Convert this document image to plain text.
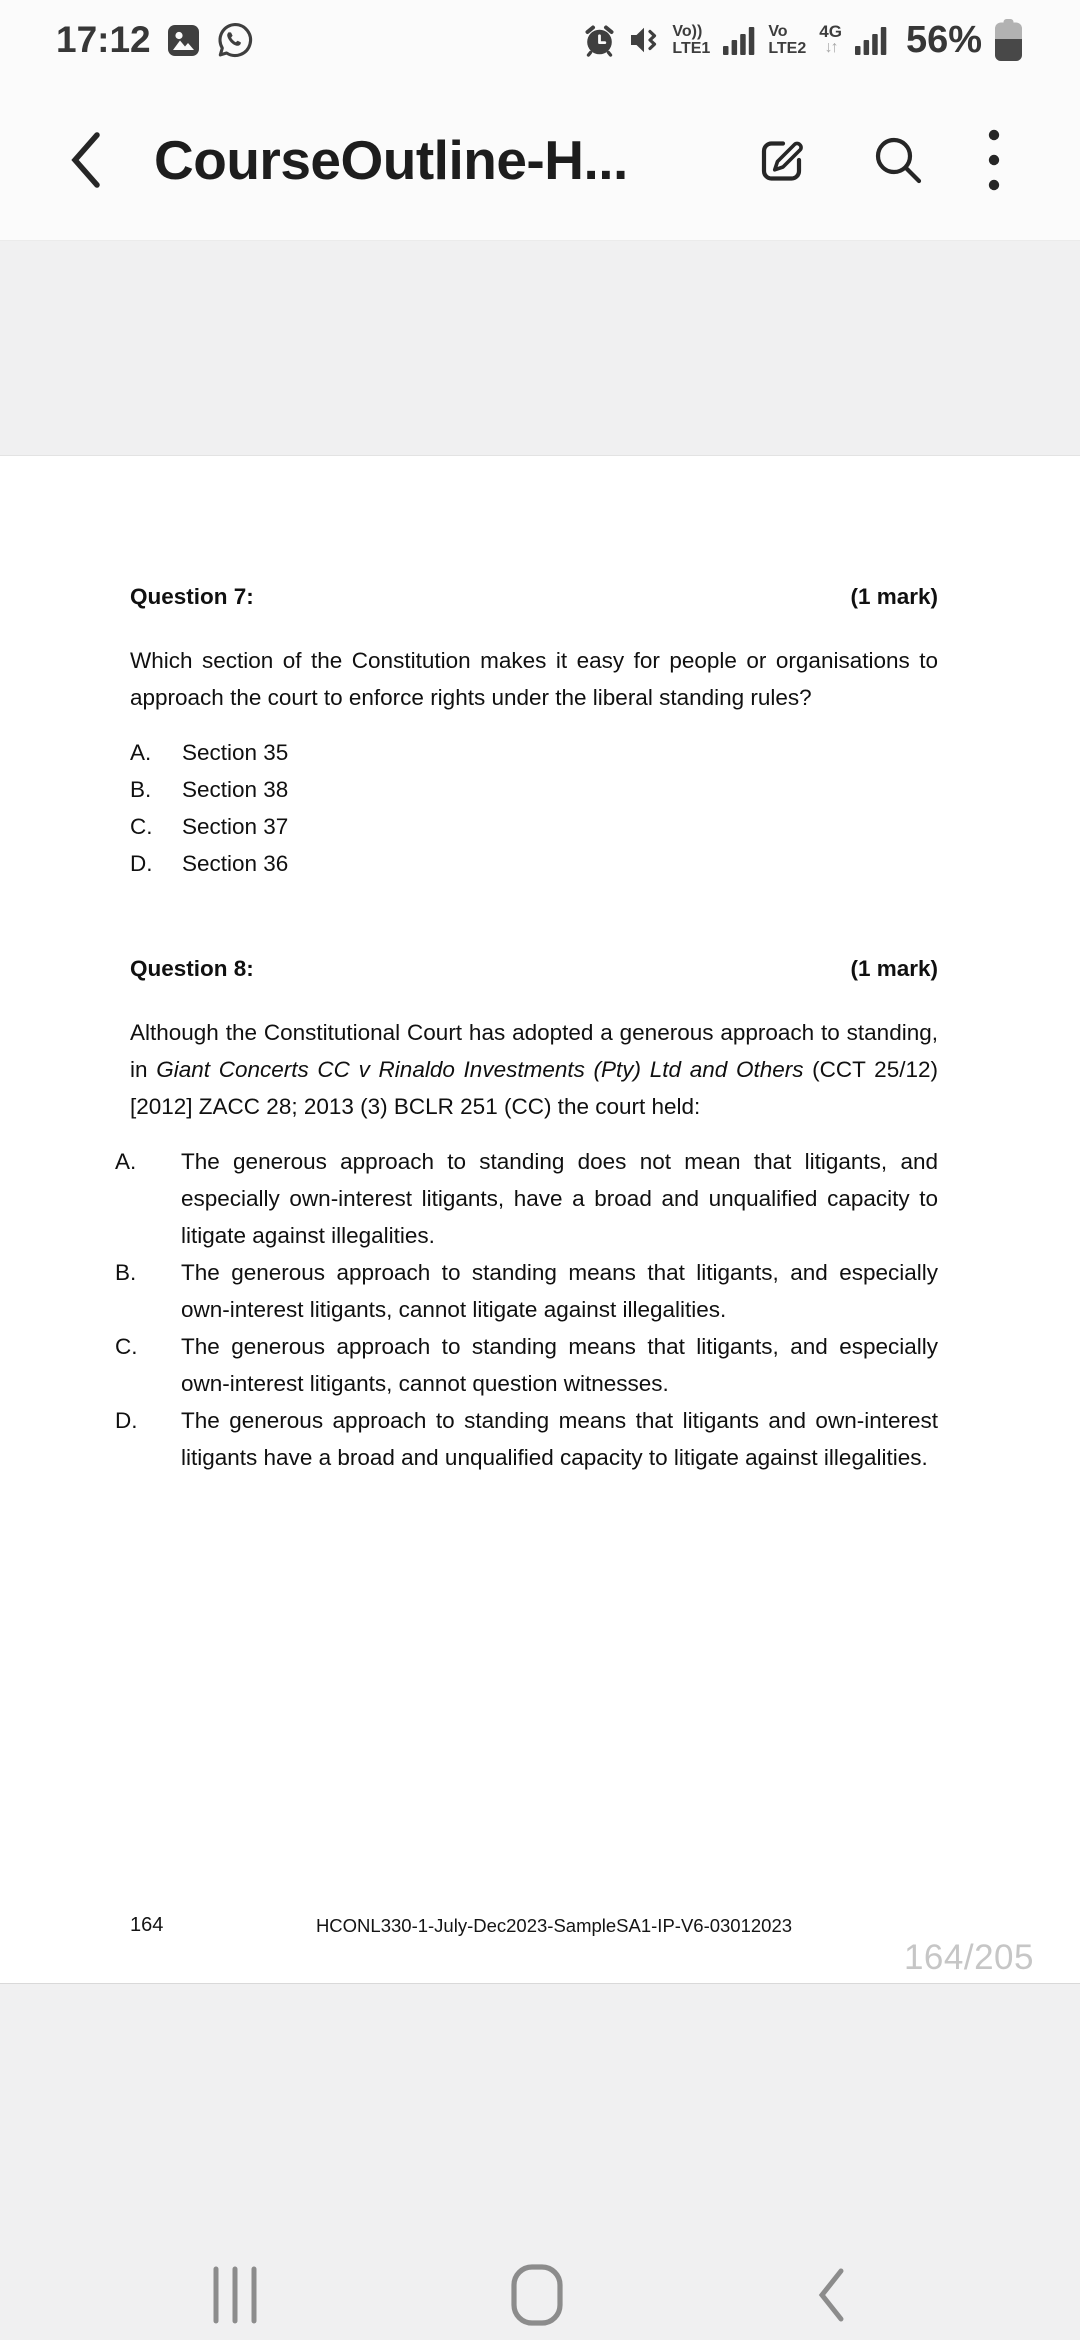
17:12	Vo))
LTE1
Vo
LTE2
4G
↓↑ 56%
CourseOutline-H...
Question 7:	(1 mark)

Which section of the Constitution makes it easy for people or organisations to approach the court to enforce rights under the liberal standing rules?

A.	Section 35
B.	Section 38
C.	Section 37
D.	Section 36
Question 8:	(1 mark)

Although the Constitutional Court has adopted a generous approach to standing, in Giant Concerts CC v Rinaldo Investments (Pty) Ltd and Others (CCT 25/12) [2012] ZACC 28; 2013 (3) BCLR 251 (CC) the court held:

A.	The generous approach to standing does not mean that litigants, and especially own-interest litigants, have a broad and unqualified capacity to litigate against illegalities.

B.	The generous approach to standing means that litigants, and especially own-interest litigants, cannot litigate against illegalities.

C.	The generous approach to standing means that litigants, and especially own-interest litigants, cannot question witnesses.

D.	The generous approach to standing means that litigants and own-interest litigants have a broad and unqualified capacity to litigate against illegalities.

164	HCONL330-1-July-Dec2023-SampleSA1-IP-V6-03012023
164/205
